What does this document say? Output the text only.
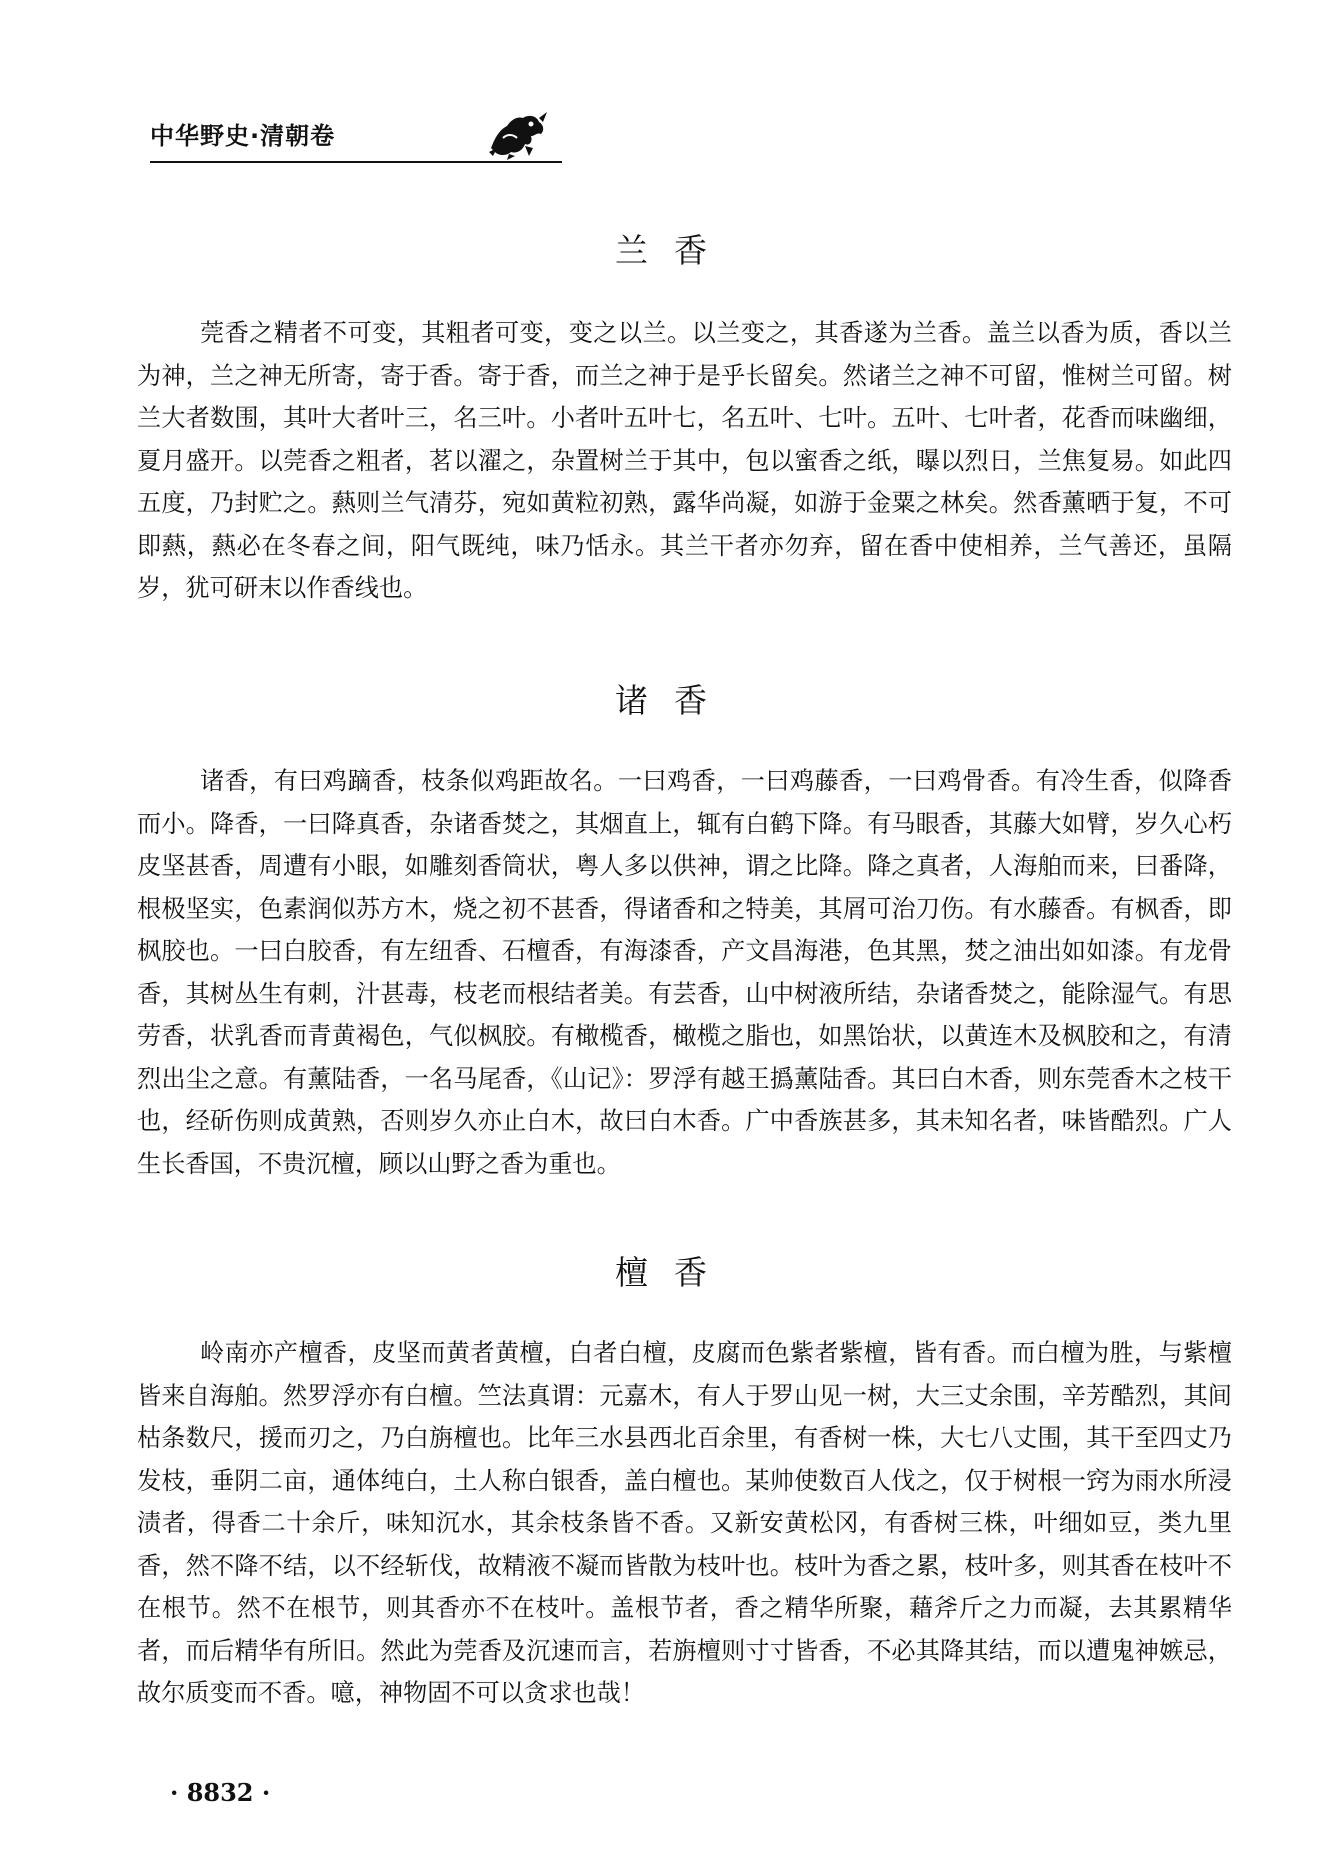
中华野史·清朝卷
兰香

莞香之精者不可变，其粗者可变，变之以兰。以兰变之，其香遂为兰香。盖兰以香为质，香以兰为神，兰之神无所寄，寄于香。寄于香，而兰之神于是乎长留矣。然诸兰之神不可留，惟树兰可留。树兰大者数围，其叶大者叶三，名三叶。小者叶五叶七，名五叶、七叶。五叶、七叶者，花香而味幽细，夏月盛开。以莞香之粗者，茗以濯之，杂置树兰于其中，包以蜜香之纸，曝以烈日，兰焦复易。如此四五度，乃封贮之。爇则兰气清芬，宛如黄粒初熟，露华尚凝，如游于金粟之林矣。然香薰晒于复，不可即爇，爇必在冬春之间，阳气既纯，味乃恬永。其兰干者亦勿弃，留在香中使相养，兰气善还，虽隔岁，犹可研末以作香线也。

诸香

诸香，有曰鸡蹢香，枝条似鸡距故名。一曰鸡香，一曰鸡藤香，一曰鸡骨香。有冷生香，似降香而小。降香，一曰降真香，杂诸香焚之，其烟直上，辄有白鹤下降。有马眼香，其藤大如臂，岁久心朽皮坚甚香，周遭有小眼，如雕刻香筒状，粤人多以供神，谓之比降。降之真者，人海舶而来，曰番降，根极坚实，色素润似苏方木，烧之初不甚香，得诸香和之特美，其屑可治刀伤。有水藤香。有枫香，即枫胶也。一曰白胶香，有左纽香、石檀香，有海漆香，产文昌海港，色其黑，焚之油出如如漆。有龙骨香，其树丛生有刺，汁甚毒，枝老而根结者美。有芸香，山中树液所结，杂诸香焚之，能除湿气。有思劳香，状乳香而青黄褐色，气似枫胶。有橄榄香，橄榄之脂也，如黑饴状，以黄连木及枫胶和之，有清烈出尘之意。有薰陆香，一名马尾香，《山记》：罗浮有越王撝薰陆香。其曰白木香，则东莞香木之枝干也，经斫伤则成黄熟，否则岁久亦止白木，故曰白木香。广中香族甚多，其未知名者，味皆酷烈。广人生长香国，不贵沉檀，顾以山野之香为重也。

檀香

岭南亦产檀香，皮坚而黄者黄檀，白者白檀，皮腐而色紫者紫檀，皆有香。而白檀为胜，与紫檀皆来自海舶。然罗浮亦有白檀。竺法真谓：元嘉木，有人于罗山见一树，大三丈余围，辛芳酷烈，其间枯条数尺，援而刃之，乃白旃檀也。比年三水县西北百余里，有香树一株，大七八丈围，其干至四丈乃发枝，垂阴二亩，通体纯白，土人称白银香，盖白檀也。某帅使数百人伐之，仅于树根一窍为雨水所浸渍者，得香二十余斤，味知沉水，其余枝条皆不香。又新安黄松冈，有香树三株，叶细如豆，类九里香，然不降不结，以不经斩伐，故精液不凝而皆散为枝叶也。枝叶为香之累，枝叶多，则其香在枝叶不在根节。然不在根节，则其香亦不在枝叶。盖根节者，香之精华所聚，藉斧斤之力而凝，去其累精华者，而后精华有所旧。然此为莞香及沉速而言，若旃檀则寸寸皆香，不必其降其结，而以遭鬼神嫉忌，故尔质变而不香。噫，神物固不可以贪求也哉！

· 8832 ·
